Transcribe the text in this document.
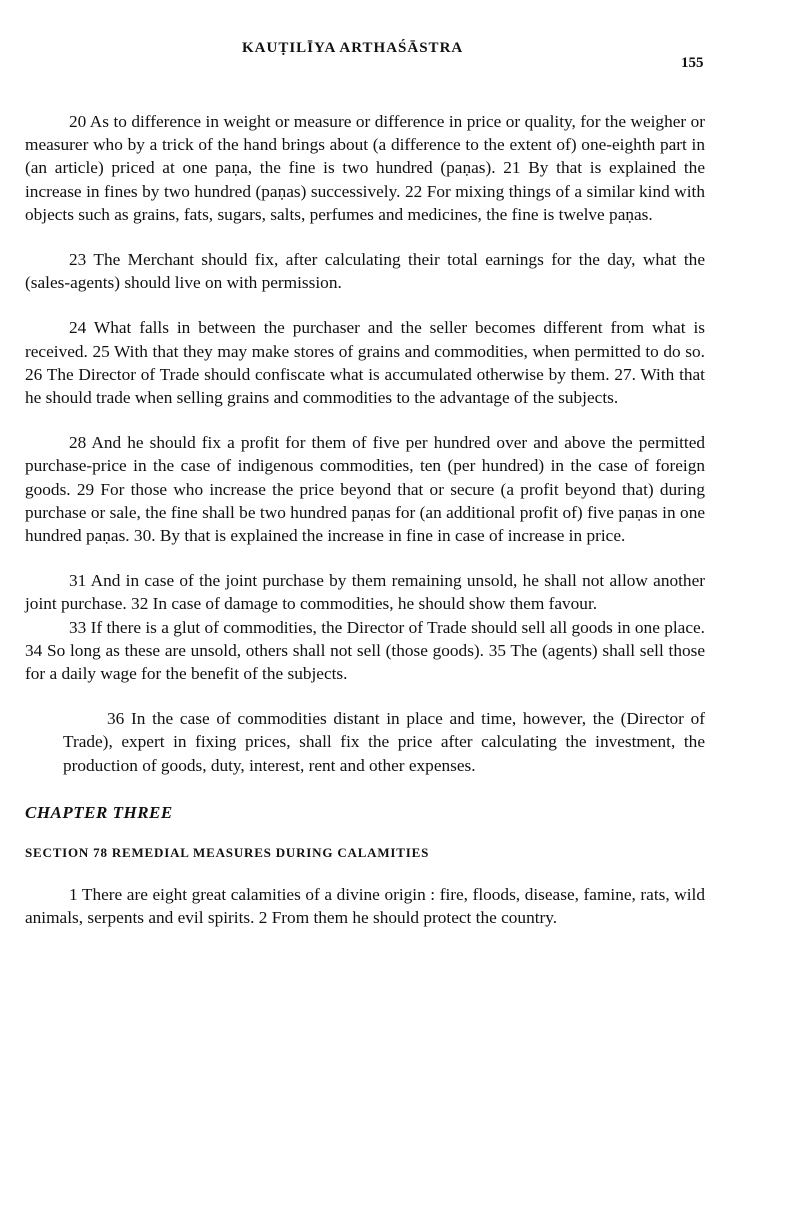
KAUṬILĪYA ARTHAŚĀSTRA
155

20 As to difference in weight or measure or difference in price or quality, for the weigher or measurer who by a trick of the hand brings about (a difference to the extent of) one-eighth part in (an article) priced at one paṇa, the fine is two hundred (paṇas). 21 By that is explained the increase in fines by two hundred (paṇas) successively. 22 For mixing things of a similar kind with objects such as grains, fats, sugars, salts, perfumes and medicines, the fine is twelve paṇas.

23 The Merchant should fix, after calculating their total earnings for the day, what the (sales-agents) should live on with permission.

24 What falls in between the purchaser and the seller becomes different from what is received. 25 With that they may make stores of grains and commodities, when permitted to do so. 26 The Director of Trade should confiscate what is accumulated otherwise by them. 27. With that he should trade when selling grains and commodities to the advantage of the subjects.

28 And he should fix a profit for them of five per hundred over and above the permitted purchase-price in the case of indigenous commodities, ten (per hundred) in the case of foreign goods. 29 For those who increase the price beyond that or secure (a profit beyond that) during purchase or sale, the fine shall be two hundred paṇas for (an additional profit of) five paṇas in one hundred paṇas. 30. By that is explained the increase in fine in case of increase in price.

31 And in case of the joint purchase by them remaining unsold, he shall not allow another joint purchase. 32 In case of damage to commodities, he should show them favour.

33 If there is a glut of commodities, the Director of Trade should sell all goods in one place. 34 So long as these are unsold, others shall not sell (those goods). 35 The (agents) shall sell those for a daily wage for the benefit of the subjects.

36 In the case of commodities distant in place and time, however, the (Director of Trade), expert in fixing prices, shall fix the price after calculating the investment, the production of goods, duty, interest, rent and other expenses.

CHAPTER THREE
SECTION 78 REMEDIAL MEASURES DURING CALAMITIES

1 There are eight great calamities of a divine origin : fire, floods, disease, famine, rats, wild animals, serpents and evil spirits. 2 From them he should protect the country.
